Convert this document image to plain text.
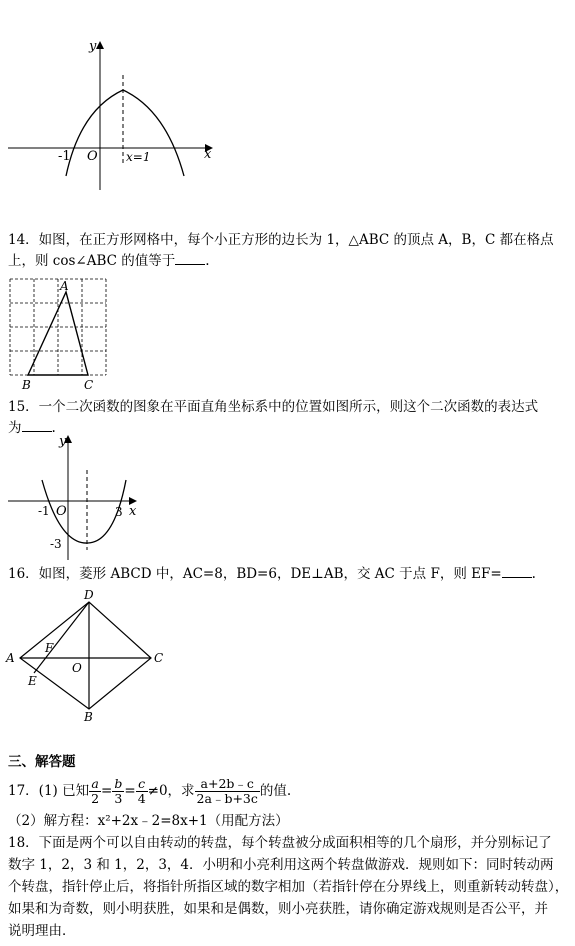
y
x
O
-1	x=1
14．如图，在正方形网格中，每个小正方形的边长为 1，△ABC 的顶点 A，B，C 都在格点
上，则 cos∠ABC 的值等于 .
A
B	C
15．一个二次函数的图象在平面直角坐标系中的位置如图所示，则这个二次函数的表达式
为 .
y
x
O
-1	3
-3
16．如图，菱形 ABCD 中，AC=8，BD=6，DE⊥AB，交 AC 于点 F，则 EF= .
D
A	C
B
E
F
O
三、解答题
17．(1) 已知 $\frac{a}{2} = \frac{b}{3} = \frac{c}{4} \ne 0$，求 $\frac{a+2b﹣c}{2a﹣b+3c}$ 的值.
（2）解方程：x²+2x﹣2=8x+1（用配方法）
18．下面是两个可以自由转动的转盘，每个转盘被分成面积相等的几个扇形，并分别标记了
数字 1，2，3 和 1，2，3，4．小明和小亮利用这两个转盘做游戏．规则如下：同时转动两
个转盘，指针停止后，将指针所指区域的数字相加（若指针停在分界线上，则重新转动转盘），
如果和为奇数，则小明获胜，如果和是偶数，则小亮获胜，请你确定游戏规则是否公平，并
说明理由．
